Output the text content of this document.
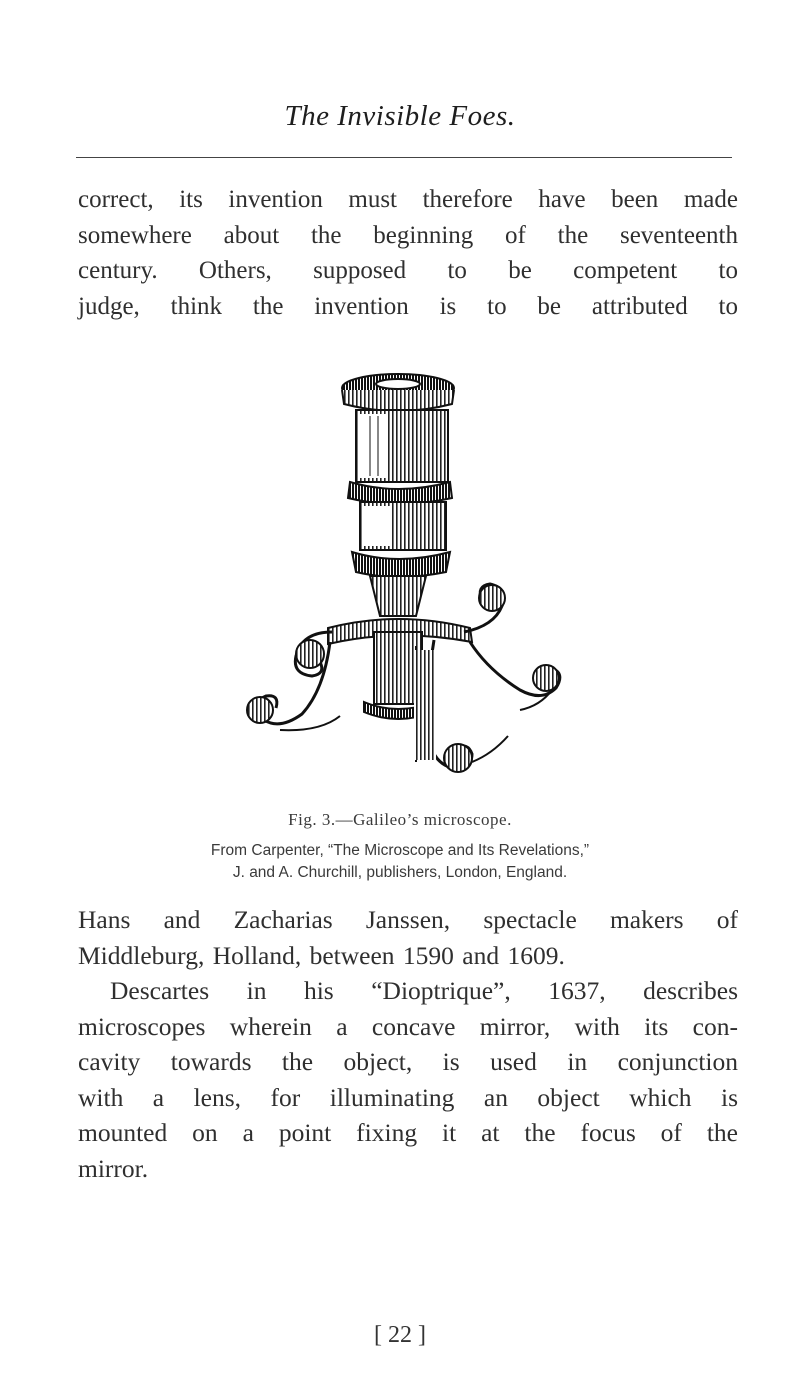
The Invisible Foes.
correct, its invention must therefore have been made
somewhere about the beginning of the seventeenth
century. Others, supposed to be competent to
judge, think the invention is to be attributed to
Fig. 3.—Galileo’s microscope.
From Carpenter, “The Microscope and Its Revelations,”
J. and A. Churchill, publishers, London, England.
Hans and Zacharias Janssen, spectacle makers of
Middleburg, Holland, between 1590 and 1609.
Descartes in his “Dioptrique”, 1637, describes
microscopes wherein a concave mirror, with its con-
cavity towards the object, is used in conjunction
with a lens, for illuminating an object which is
mounted on a point fixing it at the focus of the
mirror.
[ 22 ]
